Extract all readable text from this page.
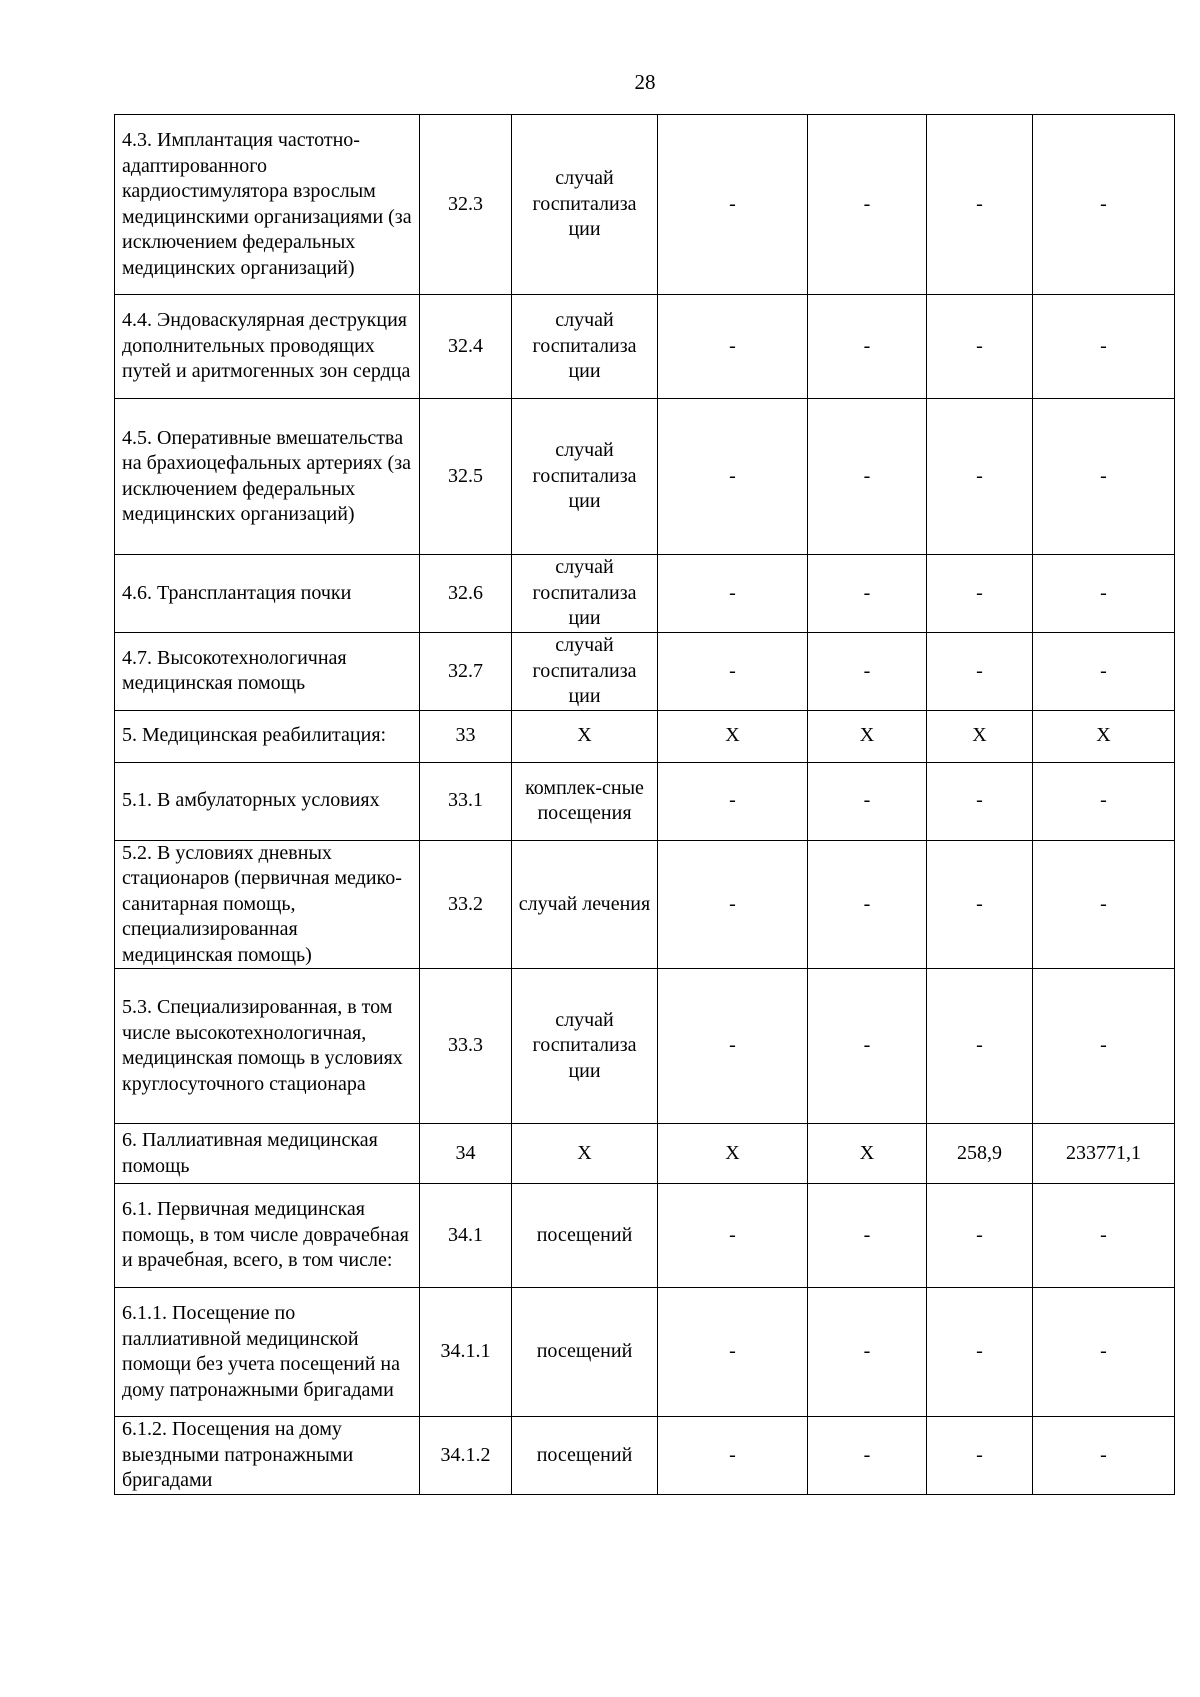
28
4.3. Имплантация частотно-адаптированного кардиостимулятора взрослым медицинскими организациями (за исключением федеральных медицинских организаций)	32.3	случай госпитализа ции	-	-	-	-
4.4. Эндоваскулярная деструкция дополнительных проводящих путей и аритмогенных зон сердца	32.4	случай госпитализа ции	-	-	-	-
4.5. Оперативные вмешательства на брахиоцефальных артериях (за исключением федеральных медицинских организаций)	32.5	случай госпитализа ции	-	-	-	-
4.6. Трансплантация почки	32.6	случай госпитализа ции	-	-	-	-
4.7. Высокотехнологичная медицинская помощь	32.7	случай госпитализа ции	-	-	-	-
5. Медицинская реабилитация:	33	Х	Х	Х	Х	Х
5.1. В амбулаторных условиях	33.1	комплек-сные посещения	-	-	-	-
5.2. В условиях дневных стационаров (первичная медико-санитарная помощь, специализированная медицинская помощь)	33.2	случай лечения	-	-	-	-
5.3. Специализированная, в том числе высокотехнологичная, медицинская помощь в условиях круглосуточного стационара	33.3	случай госпитализа ции	-	-	-	-
6. Паллиативная медицинская помощь	34	Х	Х	Х	258,9	233771,1
6.1. Первичная медицинская помощь, в том числе доврачебная и врачебная, всего, в том числе:	34.1	посещений	-	-	-	-
6.1.1. Посещение по паллиативной медицинской помощи без учета посещений на дому патронажными бригадами	34.1.1	посещений	-	-	-	-
6.1.2. Посещения на дому выездными патронажными бригадами	34.1.2	посещений	-	-	-	-
